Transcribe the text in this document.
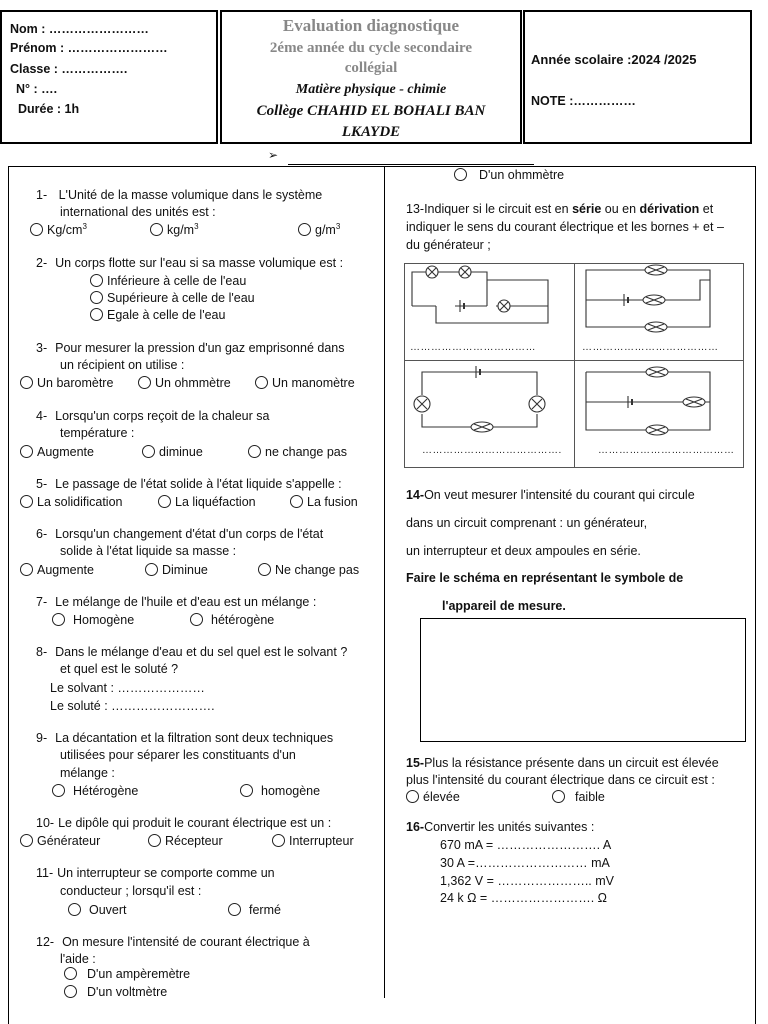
Nom : ……………………
Prénom : ……………………
Classe : …………….
N° : ….
Durée : 1h
Evaluation diagnostique
2éme année du cycle secondaire
collégial
Matière physique - chimie
Collège CHAHID EL BOHALI BAN
LKAYDE
Année scolaire :2024 /2025
NOTE :……………
➢
1- L'Unité de la masse volumique dans le système
international des unités est :
$Kg/cm^3$	$kg/m^3$	$g/m^3$
2- Un corps flotte sur l'eau si sa masse volumique est :
Inférieure à celle de l'eau
Supérieure à celle de l'eau
Egale à celle de l'eau
3- Pour mesurer la pression d'un gaz emprisonné dans
un récipient on utilise :
Un baromètre	Un ohmmètre	Un manomètre
4- Lorsqu'un corps reçoit de la chaleur sa
température :
Augmente	diminue	ne change pas
5- Le passage de l'état solide à l'état liquide s'appelle :
La solidification	La liquéfaction	La fusion
6- Lorsqu'un changement d'état d'un corps de l'état
solide à l'état liquide sa masse :
Augmente	Diminue	Ne change pas
7- Le mélange de l'huile et d'eau est un mélange :
Homogène	hétérogène
8- Dans le mélange d'eau et du sel quel est le solvant ?
et quel est le soluté ?
Le solvant : …………………
Le soluté : …………………….
9- La décantation et la filtration sont deux techniques
utilisées pour séparer les constituants d'un
mélange :
Hétérogène	homogène
10- Le dipôle qui produit le courant électrique est un :
Générateur	Récepteur	Interrupteur
11- Un interrupteur se comporte comme un
conducteur ; lorsqu'il est :
Ouvert	fermé
12- On mesure l'intensité de courant électrique à
l'aide :
D'un ampèremètre
D'un voltmètre
D'un ohmmètre
13-Indiquer si le circuit est en série ou en dérivation et
indiquer le sens du courant électrique et les bornes + et –
du générateur ;
………………………………	…………………………………
………………………………….	…………………………………
14-On veut mesurer l'intensité du courant qui circule
dans un circuit comprenant : un générateur,
un interrupteur et deux ampoules en série.
Faire le schéma en représentant le symbole de
l'appareil de mesure.
15-Plus la résistance présente dans un circuit est élevée
plus l'intensité du courant électrique dans ce circuit est :
élevée	faible
16-Convertir les unités suivantes :
670 mA = ……………………. A
30 A =……………………… mA
1,362 V = ………………….. mV
24 k Ω = ……………………. Ω
